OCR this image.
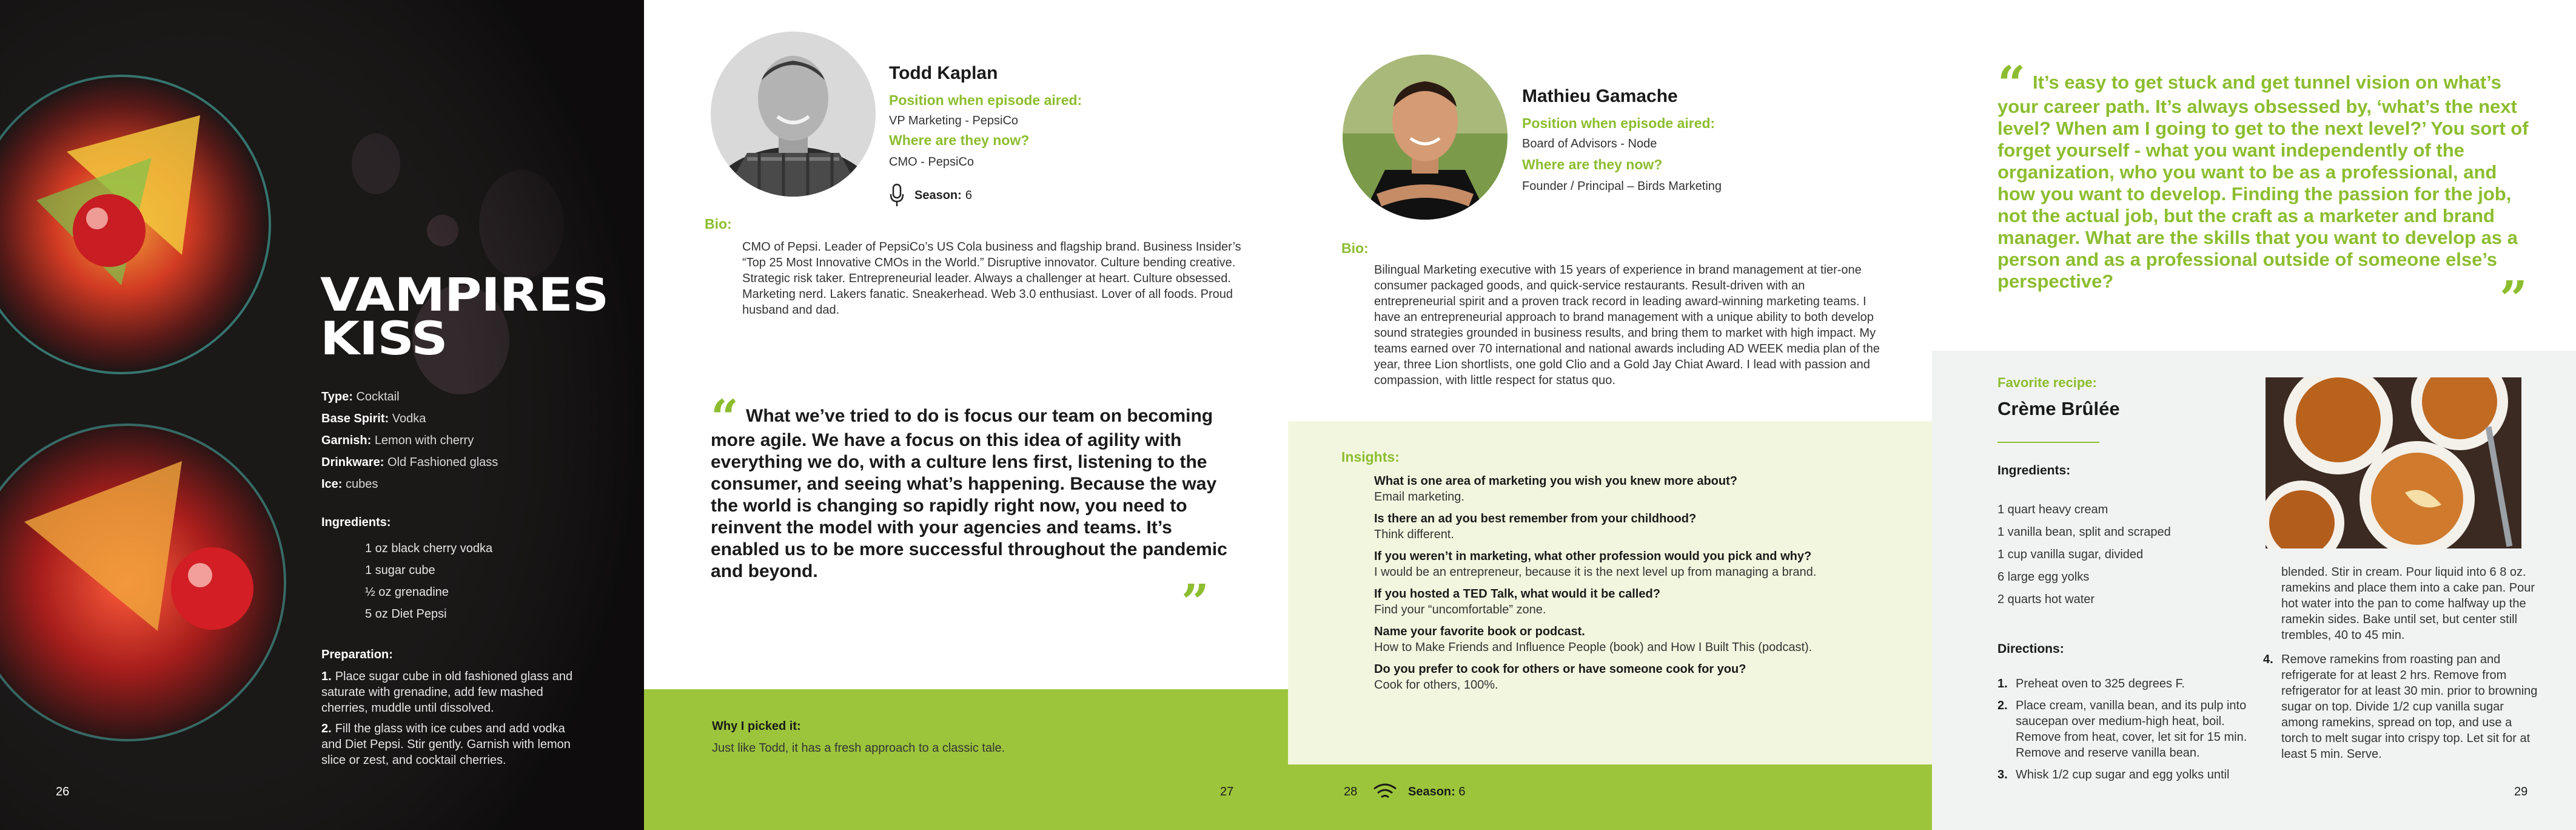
VAMPIRES KISS
Type: Cocktail
Base Spirit: Vodka
Garnish: Lemon with cherry
Drinkware: Old Fashioned glass
Ice: cubes
Ingredients:
1 oz black cherry vodka
1 sugar cube
½ oz grenadine
5 oz Diet Pepsi
Preparation:
1. Place sugar cube in old fashioned glass and saturate with grenadine, add few mashed cherries, muddle until dissolved.
2. Fill the glass with ice cubes and add vodka and Diet Pepsi. Stir gently. Garnish with lemon slice or zest, and cocktail cherries.
26
Todd Kaplan
Position when episode aired:
VP Marketing - PepsiCo
Where are they now?
CMO - PepsiCo
Season: 6
Bio:

CMO of Pepsi. Leader of PepsiCo’s US Cola business and flagship brand. Business Insider’s “Top 25 Most Innovative CMOs in the World.” Disruptive innovator. Culture bending creative. Strategic risk taker. Entrepreneurial leader. Always a challenger at heart. Culture obsessed. Marketing nerd. Lakers fanatic. Sneakerhead. Web 3.0 enthusiast. Lover of all foods. Proud husband and dad.

“ What we’ve tried to do is focus our team on becoming more agile. We have a focus on this idea of agility with everything we do, with a culture lens first, listening to the consumer, and seeing what’s happening. Because the way the world is changing so rapidly right now, you need to reinvent the model with your agencies and teams. It’s enabled us to be more successful throughout the pandemic and beyond.
”
Why I picked it:
Just like Todd, it has a fresh approach to a classic tale.
27
Mathieu Gamache
Position when episode aired:
Board of Advisors - Node
Where are they now?
Founder / Principal – Birds Marketing
Bio:

Bilingual Marketing executive with 15 years of experience in brand management at tier-one consumer packaged goods, and quick-service restaurants. Result-driven with an entrepreneurial spirit and a proven track record in leading award-winning marketing teams. I have an entrepreneurial approach to brand management with a unique ability to both develop sound strategies grounded in business results, and bring them to market with high impact. My teams earned over 70 international and national awards including AD WEEK media plan of the year, three Lion shortlists, one gold Clio and a Gold Jay Chiat Award. I lead with passion and compassion, with little respect for status quo.

Insights:
What is one area of marketing you wish you knew more about?
Email marketing.
Is there an ad you best remember from your childhood?
Think different.
If you weren’t in marketing, what other profession would you pick and why?
I would be an entrepreneur, because it is the next level up from managing a brand.
If you hosted a TED Talk, what would it be called?
Find your “uncomfortable” zone.
Name your favorite book or podcast.
How to Make Friends and Influence People (book) and How I Built This (podcast).
Do you prefer to cook for others or have someone cook for you?
Cook for others, 100%.
28	Season: 6
“ It’s easy to get stuck and get tunnel vision on what’s your career path. It’s always obsessed by, ‘what’s the next level? When am I going to get to the next level?’ You sort of forget yourself - what you want independently of the organization, who you want to be as a professional, and how you want to develop. Finding the passion for the job, not the actual job, but the craft as a marketer and brand manager. What are the skills that you want to develop as a person and as a professional outside of someone else’s perspective?	”
Favorite recipe:
Crème Brûlée
Ingredients:
1 quart heavy cream
1 vanilla bean, split and scraped
1 cup vanilla sugar, divided
6 large egg yolks
2 quarts hot water
Directions:
1. Preheat oven to 325 degrees F.
2. Place cream, vanilla bean, and its pulp into saucepan over medium-high heat, boil. Remove from heat, cover, let sit for 15 min. Remove and reserve vanilla bean.
3. Whisk 1/2 cup sugar and egg yolks until

blended. Stir in cream. Pour liquid into 6 8 oz. ramekins and place them into a cake pan. Pour hot water into the pan to come halfway up the ramekin sides. Bake until set, but center still trembles, 40 to 45 min.

4. Remove ramekins from roasting pan and refrigerate for at least 2 hrs. Remove from refrigerator for at least 30 min. prior to browning sugar on top. Divide 1/2 cup vanilla sugar among ramekins, spread on top, and use a torch to melt sugar into crispy top. Let sit for at least 5 min. Serve.
29
